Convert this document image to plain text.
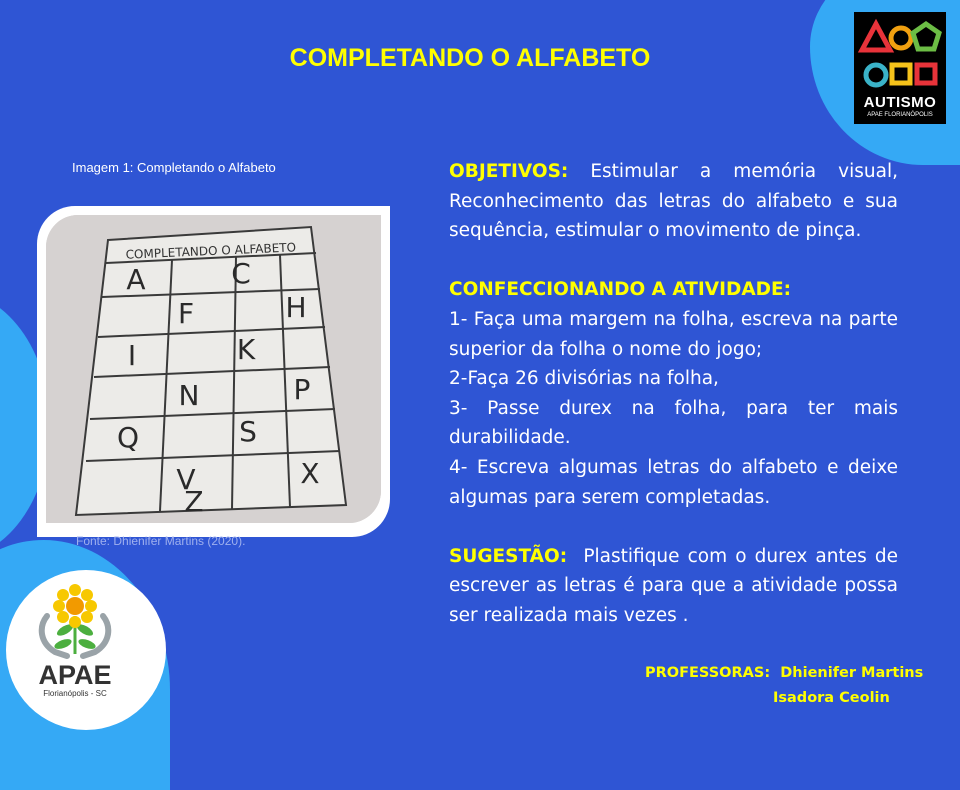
COMPLETANDO O ALFABETO
AUTISMO
APAE FLORIANÓPOLIS
Imagem 1: Completando o Alfabeto
COMPLETANDO O ALFABETO
A	C
F	H
I	K
N	P
Q	S
V	X
Z
Fonte: Dhienifer Martins (2020).

OBJETIVOS: Estimular a memória visual, Reconhecimento das letras do alfabeto e sua sequência, estimular o movimento de pinça.

CONFECCIONANDO A ATIVIDADE:

1- Faça uma margem na folha, escreva na parte superior da folha o nome do jogo;

2-Faça 26 divisórias na folha,

3- Passe durex na folha, para ter mais durabilidade.

4- Escreva algumas letras do alfabeto e deixe algumas para serem completadas.

SUGESTÃO: Plastifique com o durex antes de escrever as letras é para que a atividade possa ser realizada mais vezes .

PROFESSORAS: Dhienifer Martins
Isadora Ceolin
APAE
Florianópolis - SC
